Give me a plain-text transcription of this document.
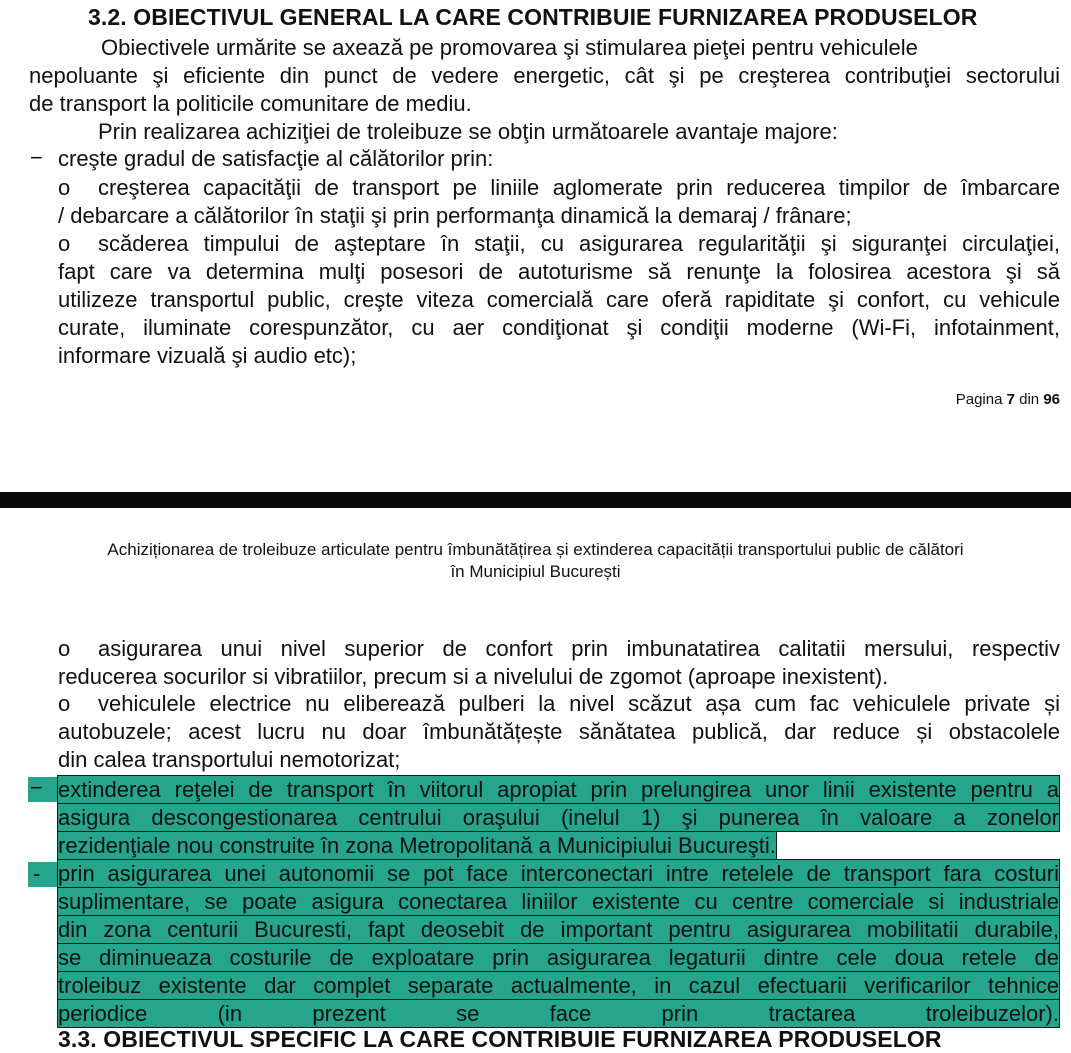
3.2. OBIECTIVUL GENERAL LA CARE CONTRIBUIE FURNIZAREA PRODUSELOR
Obiectivele urmărite se axează pe promovarea şi stimularea pieţei pentru vehiculele
nepoluante şi eficiente din punct de vedere energetic, cât şi pe creşterea contribuţiei sectorului
de transport la politicile comunitare de mediu.
Prin realizarea achiziţiei de troleibuze se obţin următoarele avantaje majore:
− creşte gradul de satisfacţie al călătorilor prin:
o creşterea capacităţii de transport pe liniile aglomerate prin reducerea timpilor de îmbarcare
/ debarcare a călătorilor în staţii şi prin performanţa dinamică la demaraj / frânare;
o scăderea timpului de aşteptare în staţii, cu asigurarea regularităţii şi siguranţei circulaţiei,
fapt care va determina mulţi posesori de autoturisme să renunţe la folosirea acestora şi să
utilizeze transportul public, creşte viteza comercială care oferă rapiditate şi confort, cu vehicule
curate, iluminate corespunzător, cu aer condiţionat şi condiţii moderne (Wi-Fi, infotainment,
informare vizuală şi audio etc);
Pagina 7 din 96
Achiziționarea de troleibuze articulate pentru îmbunătățirea și extinderea capacității transportului public de călători
în Municipiul București
o asigurarea unui nivel superior de confort prin imbunatatirea calitatii mersului, respectiv
reducerea socurilor si vibratiilor, precum si a nivelului de zgomot (aproape inexistent).
o vehiculele electrice nu eliberează pulberi la nivel scăzut așa cum fac vehiculele private și
autobuzele; acest lucru nu doar îmbunătățește sănătatea publică, dar reduce și obstacolele
din calea transportului nemotorizat;
− extinderea reţelei de transport în viitorul apropiat prin prelungirea unor linii existente pentru a
asigura descongestionarea centrului oraşului (inelul 1) şi punerea în valoare a zonelor
rezidenţiale nou construite în zona Metropolitană a Municipiului Bucureşti.
- prin asigurarea unei autonomii se pot face interconectari intre retelele de transport fara costuri
suplimentare, se poate asigura conectarea liniilor existente cu centre comerciale si industriale
din zona centurii Bucuresti, fapt deosebit de important pentru asigurarea mobilitatii durabile,
se diminueaza costurile de exploatare prin asigurarea legaturii dintre cele doua retele de
troleibuz existente dar complet separate actualmente, in cazul efectuarii verificarilor tehnice
periodice (in prezent se face prin tractarea troleibuzelor).
3.3. OBIECTIVUL SPECIFIC LA CARE CONTRIBUIE FURNIZAREA PRODUSELOR
